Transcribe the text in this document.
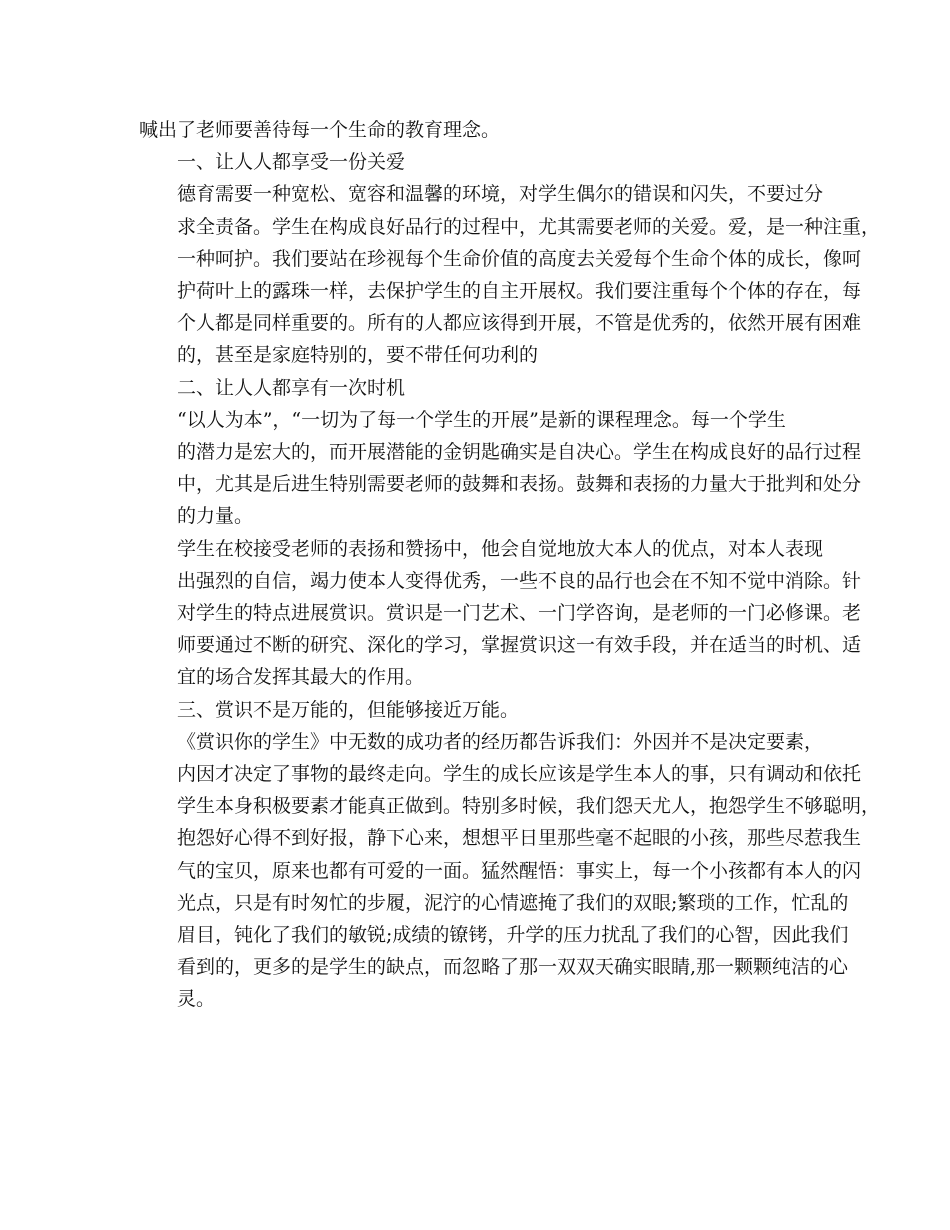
喊出了老师要善待每一个生命的教育理念。
一、让人人都享受一份关爱
德育需要一种宽松、宽容和温馨的环境，对学生偶尔的错误和闪失，不要过分
求全责备。学生在构成良好品行的过程中，尤其需要老师的关爱。爱，是一种注重，
一种呵护。我们要站在珍视每个生命价值的高度去关爱每个生命个体的成长，像呵
护荷叶上的露珠一样，去保护学生的自主开展权。我们要注重每个个体的存在，每
个人都是同样重要的。所有的人都应该得到开展，不管是优秀的，依然开展有困难
的，甚至是家庭特别的，要不带任何功利的
二、让人人都享有一次时机
“以人为本”，“一切为了每一个学生的开展”是新的课程理念。每一个学生
的潜力是宏大的，而开展潜能的金钥匙确实是自决心。学生在构成良好的品行过程
中，尤其是后进生特别需要老师的鼓舞和表扬。鼓舞和表扬的力量大于批判和处分
的力量。
学生在校接受老师的表扬和赞扬中，他会自觉地放大本人的优点，对本人表现
出强烈的自信，竭力使本人变得优秀，一些不良的品行也会在不知不觉中消除。针
对学生的特点进展赏识。赏识是一门艺术、一门学咨询，是老师的一门必修课。老
师要通过不断的研究、深化的学习，掌握赏识这一有效手段，并在适当的时机、适
宜的场合发挥其最大的作用。
三、赏识不是万能的，但能够接近万能。
《赏识你的学生》中无数的成功者的经历都告诉我们：外因并不是决定要素，
内因才决定了事物的最终走向。学生的成长应该是学生本人的事，只有调动和依托
学生本身积极要素才能真正做到。特别多时候，我们怨天尤人，抱怨学生不够聪明，
抱怨好心得不到好报，静下心来，想想平日里那些毫不起眼的小孩，那些尽惹我生
气的宝贝，原来也都有可爱的一面。猛然醒悟：事实上，每一个小孩都有本人的闪
光点，只是有时匆忙的步履，泥泞的心情遮掩了我们的双眼;繁琐的工作，忙乱的
眉目，钝化了我们的敏锐;成绩的镣铐，升学的压力扰乱了我们的心智，因此我们
看到的，更多的是学生的缺点，而忽略了那一双双天确实眼睛,那一颗颗纯洁的心
灵。
